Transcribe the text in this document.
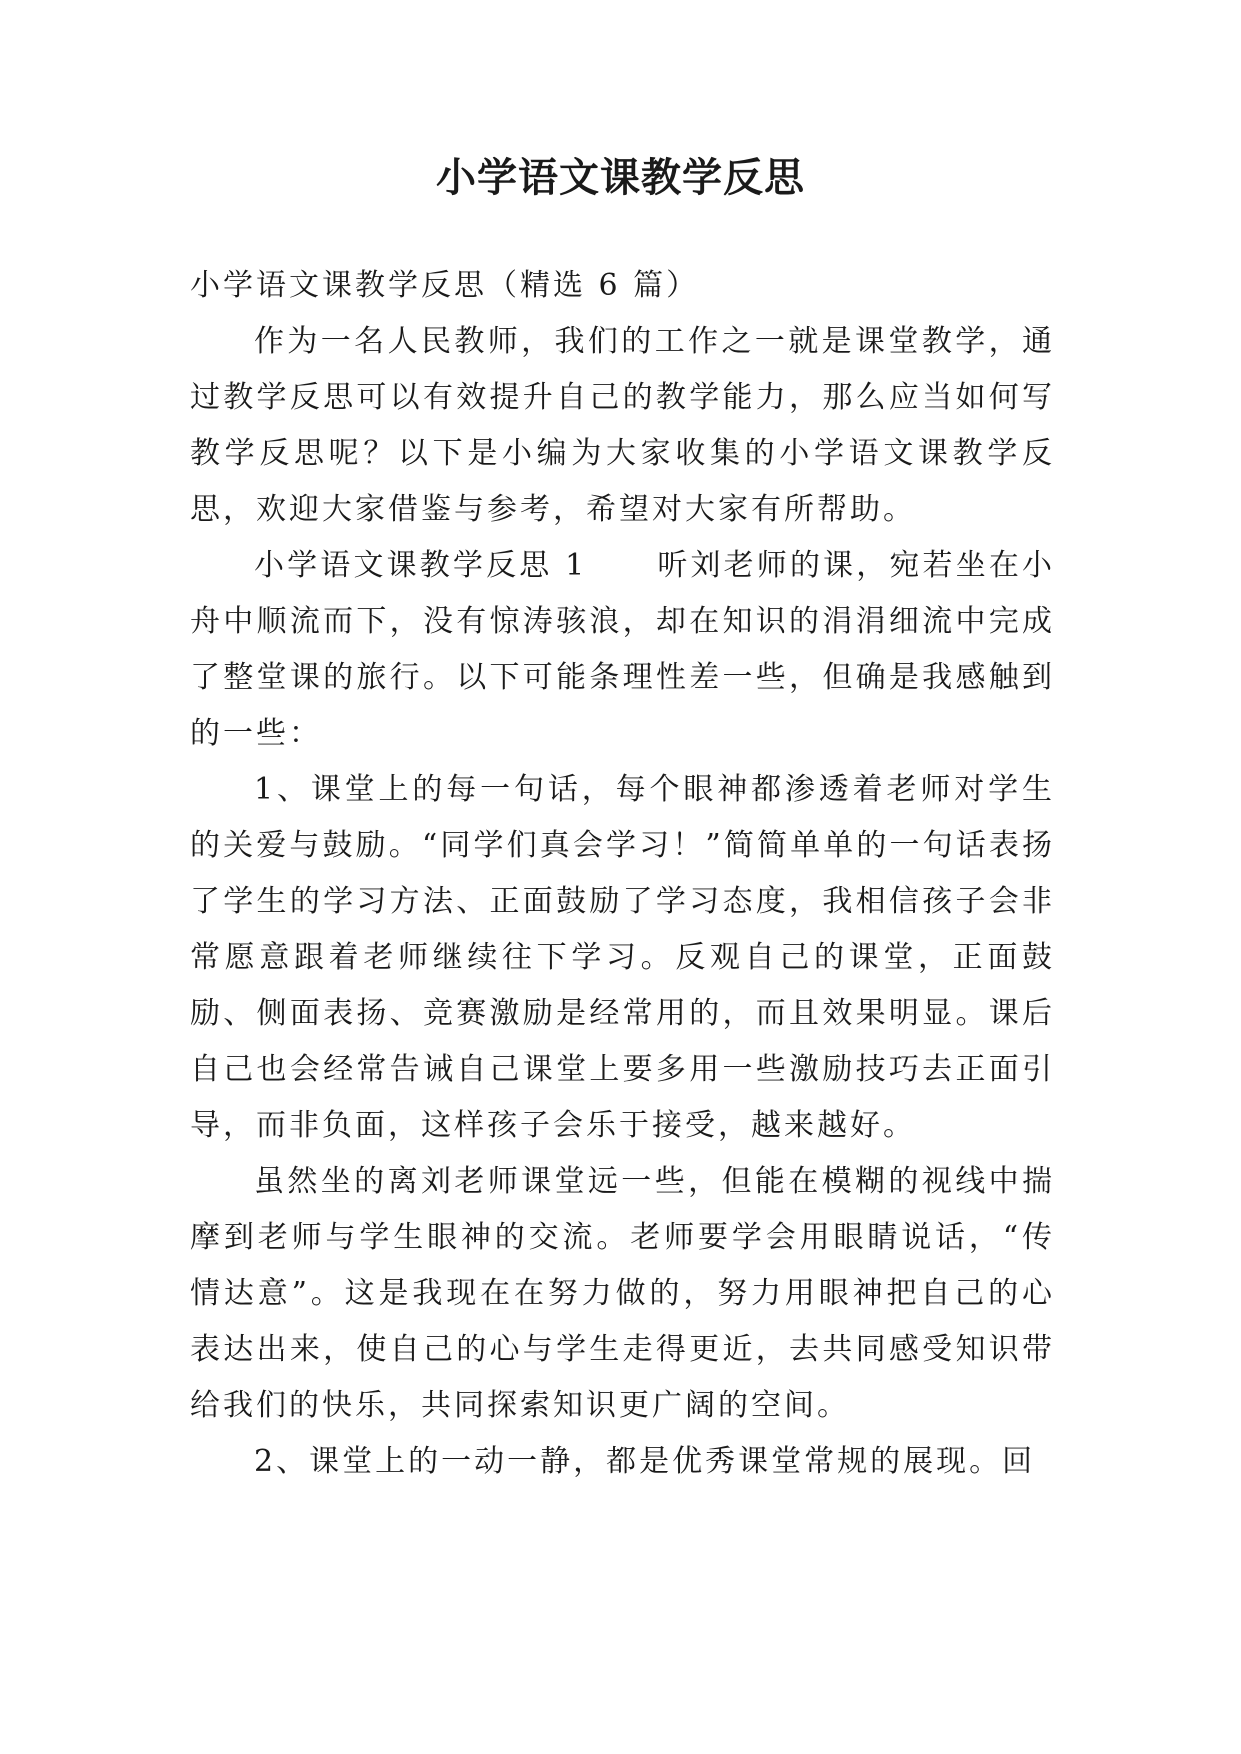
小学语文课教学反思

小学语文课教学反思（精选 6 篇）

作为一名人民教师，我们的工作之一就是课堂教学，通过教学反思可以有效提升自己的教学能力，那么应当如何写教学反思呢？以下是小编为大家收集的小学语文课教学反思，欢迎大家借鉴与参考，希望对大家有所帮助。

小学语文课教学反思 1 听刘老师的课，宛若坐在小舟中顺流而下，没有惊涛骇浪，却在知识的涓涓细流中完成了整堂课的旅行。以下可能条理性差一些，但确是我感触到的一些：

1、课堂上的每一句话，每个眼神都渗透着老师对学生的关爱与鼓励。“同学们真会学习！”简简单单的一句话表扬了学生的学习方法、正面鼓励了学习态度，我相信孩子会非常愿意跟着老师继续往下学习。反观自己的课堂，正面鼓励、侧面表扬、竞赛激励是经常用的，而且效果明显。课后自己也会经常告诫自己课堂上要多用一些激励技巧去正面引导，而非负面，这样孩子会乐于接受，越来越好。

虽然坐的离刘老师课堂远一些，但能在模糊的视线中揣摩到老师与学生眼神的交流。老师要学会用眼睛说话，“传情达意”。这是我现在在努力做的，努力用眼神把自己的心表达出来，使自己的心与学生走得更近，去共同感受知识带给我们的快乐，共同探索知识更广阔的空间。

2、课堂上的一动一静，都是优秀课堂常规的展现。回
